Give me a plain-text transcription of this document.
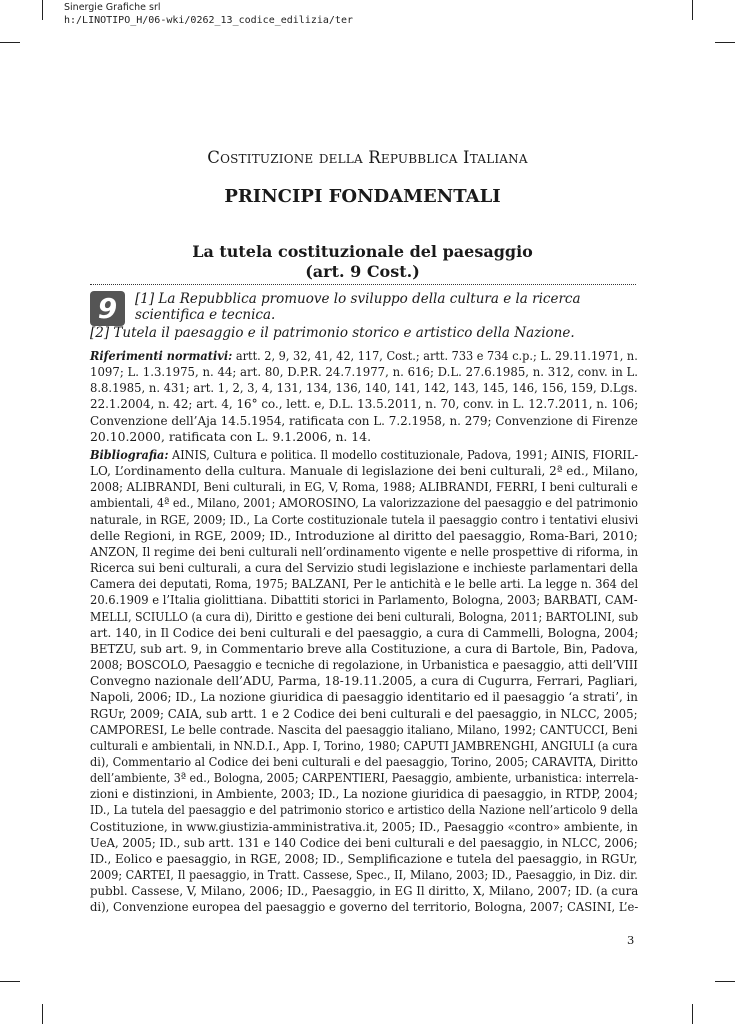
Sinergie Grafiche srl
h:/LINOTIPO_H/06-wki/0262_13_codice_edilizia/ter
Costituzione della Repubblica Italiana
PRINCIPI FONDAMENTALI
La tutela costituzionale del paesaggio
(art. 9 Cost.)
9	[1] La Repubblica promuove lo sviluppo della cultura e la ricerca scientifica e tecnica.
[2] Tutela il paesaggio e il patrimonio storico e artistico della Nazione.
Riferimenti normativi: artt. 2, 9, 32, 41, 42, 117, Cost.; artt. 733 e 734 c.p.; L. 29.11.1971, n.
1097; L. 1.3.1975, n. 44; art. 80, D.P.R. 24.7.1977, n. 616; D.L. 27.6.1985, n. 312, conv. in L.
8.8.1985, n. 431; art. 1, 2, 3, 4, 131, 134, 136, 140, 141, 142, 143, 145, 146, 156, 159, D.Lgs.
22.1.2004, n. 42; art. 4, 16° co., lett. e, D.L. 13.5.2011, n. 70, conv. in L. 12.7.2011, n. 106;
Convenzione dell’Aja 14.5.1954, ratificata con L. 7.2.1958, n. 279; Convenzione di Firenze
20.10.2000, ratificata con L. 9.1.2006, n. 14.
Bibliografia: AINIS, Cultura e politica. Il modello costituzionale, Padova, 1991; AINIS, FIORIL-
LO, L’ordinamento della cultura. Manuale di legislazione dei beni culturali, 2ª ed., Milano,
2008; ALIBRANDI, Beni culturali, in EG, V, Roma, 1988; ALIBRANDI, FERRI, I beni culturali e
ambientali, 4ª ed., Milano, 2001; AMOROSINO, La valorizzazione del paesaggio e del patrimonio
naturale, in RGE, 2009; ID., La Corte costituzionale tutela il paesaggio contro i tentativi elusivi
delle Regioni, in RGE, 2009; ID., Introduzione al diritto del paesaggio, Roma-Bari, 2010;
ANZON, Il regime dei beni culturali nell’ordinamento vigente e nelle prospettive di riforma, in
Ricerca sui beni culturali, a cura del Servizio studi legislazione e inchieste parlamentari della
Camera dei deputati, Roma, 1975; BALZANI, Per le antichità e le belle arti. La legge n. 364 del
20.6.1909 e l’Italia giolittiana. Dibattiti storici in Parlamento, Bologna, 2003; BARBATI, CAM-
MELLI, SCIULLO (a cura di), Diritto e gestione dei beni culturali, Bologna, 2011; BARTOLINI, sub
art. 140, in Il Codice dei beni culturali e del paesaggio, a cura di Cammelli, Bologna, 2004;
BETZU, sub art. 9, in Commentario breve alla Costituzione, a cura di Bartole, Bin, Padova,
2008; BOSCOLO, Paesaggio e tecniche di regolazione, in Urbanistica e paesaggio, atti dell’VIII
Convegno nazionale dell’ADU, Parma, 18-19.11.2005, a cura di Cugurra, Ferrari, Pagliari,
Napoli, 2006; ID., La nozione giuridica di paesaggio identitario ed il paesaggio ‘a strati’, in
RGUr, 2009; CAIA, sub artt. 1 e 2 Codice dei beni culturali e del paesaggio, in NLCC, 2005;
CAMPORESI, Le belle contrade. Nascita del paesaggio italiano, Milano, 1992; CANTUCCI, Beni
culturali e ambientali, in NN.D.I., App. I, Torino, 1980; CAPUTI JAMBRENGHI, ANGIULI (a cura
di), Commentario al Codice dei beni culturali e del paesaggio, Torino, 2005; CARAVITA, Diritto
dell’ambiente, 3ª ed., Bologna, 2005; CARPENTIERI, Paesaggio, ambiente, urbanistica: interrela-
zioni e distinzioni, in Ambiente, 2003; ID., La nozione giuridica di paesaggio, in RTDP, 2004;
ID., La tutela del paesaggio e del patrimonio storico e artistico della Nazione nell’articolo 9 della
Costituzione, in www.giustizia-amministrativa.it, 2005; ID., Paesaggio «contro» ambiente, in
UeA, 2005; ID., sub artt. 131 e 140 Codice dei beni culturali e del paesaggio, in NLCC, 2006;
ID., Eolico e paesaggio, in RGE, 2008; ID., Semplificazione e tutela del paesaggio, in RGUr,
2009; CARTEI, Il paesaggio, in Tratt. Cassese, Spec., II, Milano, 2003; ID., Paesaggio, in Diz. dir.
pubbl. Cassese, V, Milano, 2006; ID., Paesaggio, in EG Il diritto, X, Milano, 2007; ID. (a cura
di), Convenzione europea del paesaggio e governo del territorio, Bologna, 2007; CASINI, L’e-
3
